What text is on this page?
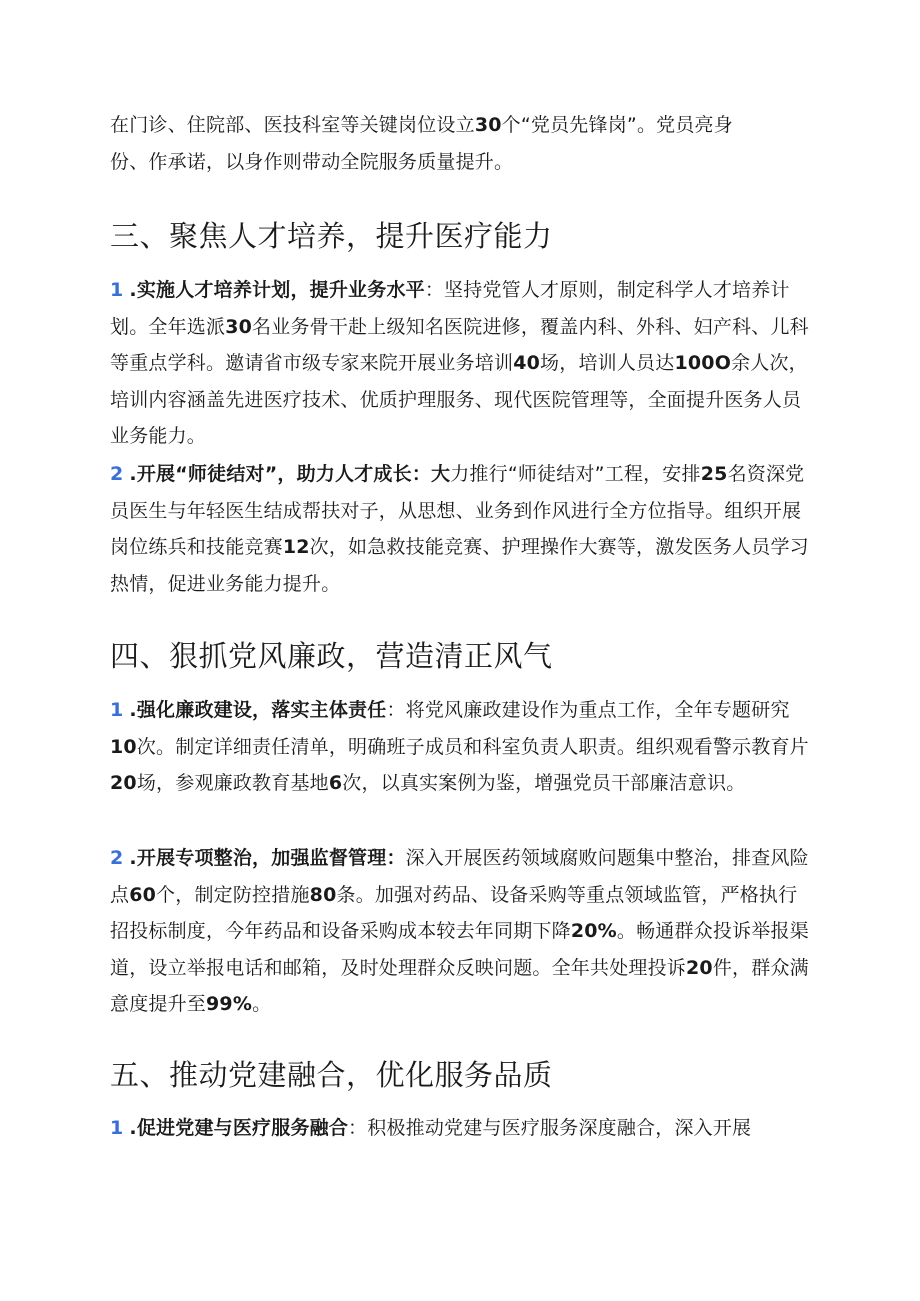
在门诊、住院部、医技科室等关键岗位设立30个“党员先锋岗”。党员亮身
份、作承诺，以身作则带动全院服务质量提升。

三、聚焦人才培养，提升医疗能力

1 .实施人才培养计划，提升业务水平：坚持党管人才原则，制定科学人才培养计划。全年选派30名业务骨干赴上级知名医院进修，覆盖内科、外科、妇产科、儿科等重点学科。邀请省市级专家来院开展业务培训40场，培训人员达100O余人次，培训内容涵盖先进医疗技术、优质护理服务、现代医院管理等，全面提升医务人员业务能力。

2 .开展“师徒结对”，助力人才成长：大力推行“师徒结对”工程，安排25名资深党员医生与年轻医生结成帮扶对子，从思想、业务到作风进行全方位指导。组织开展岗位练兵和技能竞赛12次，如急救技能竞赛、护理操作大赛等，激发医务人员学习热情，促进业务能力提升。

四、狠抓党风廉政，营造清正风气

1 .强化廉政建设，落实主体责任：将党风廉政建设作为重点工作，全年专题研究10次。制定详细责任清单，明确班子成员和科室负责人职责。组织观看警示教育片20场，参观廉政教育基地6次，以真实案例为鉴，增强党员干部廉洁意识。

2 .开展专项整治，加强监督管理：深入开展医药领域腐败问题集中整治，排查风险点60个，制定防控措施80条。加强对药品、设备采购等重点领域监管，严格执行招投标制度，今年药品和设备采购成本较去年同期下降20%。畅通群众投诉举报渠道，设立举报电话和邮箱，及时处理群众反映问题。全年共处理投诉20件，群众满意度提升至99%。

五、推动党建融合，优化服务品质

1 .促进党建与医疗服务融合：积极推动党建与医疗服务深度融合，深入开展
